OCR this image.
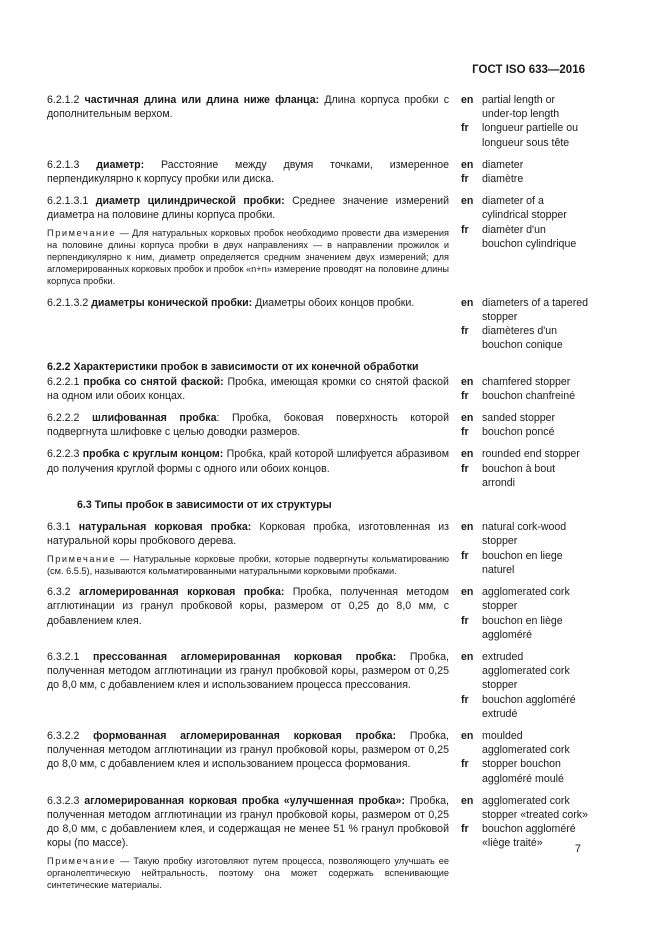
ГОСТ ISO 633—2016
6.2.1.2 частичная длина или длина ниже фланца: Длина корпуса пробки с дополнительным верхом.
en partial length or under-top length
fr	longueur partielle ou longueur sous tête
6.2.1.3 диаметр: Расстояние между двумя точками, измеренное перпендикулярно к корпусу пробки или диска.
en diameter
fr	diamètre
6.2.1.3.1 диаметр цилиндрической пробки: Среднее значение измерений диаметра на половине длины корпуса пробки.
Примечание — Для натуральных корковых пробок необходимо провести два измерения на половине длины корпуса пробки в двух направлениях — в направлении прожилок и перпендикулярно к ним, диаметр определяется средним значением двух измерений; для агломерированных корковых пробок и пробок «n+n» измерение проводят на половине длины корпуса пробки.
en diameter of a cylindrical stopper
fr	diamèter d'un bouchon cylindrique
6.2.1.3.2 диаметры конической пробки: Диаметры обоих концов пробки.	en diameters of a tapered stopper
fr	diamèteres d'un bouchon conique
6.2.2 Характеристики пробок в зависимости от их конечной обработки
6.2.2.1 пробка со снятой фаской: Пробка, имеющая кромки со снятой фаской на одном или обоих концах.
en chamfered stopper
fr	bouchon chanfreiné
6.2.2.2 шлифованная пробка: Пробка, боковая поверхность которой подвергнута шлифовке с целью доводки размеров.
en sanded stopper
fr	bouchon poncé
6.2.2.3 пробка с круглым концом: Пробка, край которой шлифуется абразивом до получения круглой формы с одного или обоих концов.
en rounded end stopper
fr	bouchon à bout arrondi
6.3 Типы пробок в зависимости от их структуры
6.3.1 натуральная корковая пробка: Корковая пробка, изготовленная из натуральной коры пробкового дерева.
Примечание — Натуральные корковые пробки, которые подвергнуты кольматированию (см. 6.5.5), называются кольматированными натуральными корковыми пробками.
en natural cork-wood stopper
fr	bouchon en liege naturel
6.3.2 агломерированная корковая пробка: Пробка, полученная методом агглютинации из гранул пробковой коры, размером от 0,25 до 8,0 мм, с добавлением клея.
en agglomerated cork stopper
fr	bouchon en liège aggloméré
6.3.2.1 прессованная агломерированная корковая пробка: Пробка, полученная методом агглютинации из гранул пробковой коры, размером от 0,25 до 8,0 мм, с добавлением клея и использованием процесса прессования.
en extruded agglomerated cork stopper
fr	bouchon aggloméré extrudé
6.3.2.2 формованная агломерированная корковая пробка: Пробка, полученная методом агглютинации из гранул пробковой коры, размером от 0,25 до 8,0 мм, с добавлением клея и использованием процесса формования.
en moulded agglomerated cork
fr	stopper bouchon aggloméré moulé
6.3.2.3 агломерированная корковая пробка «улучшенная пробка»: Пробка, полученная методом агглютинации из гранул пробковой коры, размером от 0,25 до 8,0 мм, с добавлением клея, и содержащая не менее 51 % гранул пробковой коры (по массе).
Примечание — Такую пробку изготовляют путем процесса, позволяющего улучшать ее органолептическую нейтральность, поэтому она может содержать вспенивающие синтетические материалы.
en agglomerated cork stopper «treated cork»
fr	bouchon aggloméré «liège traité»	7
